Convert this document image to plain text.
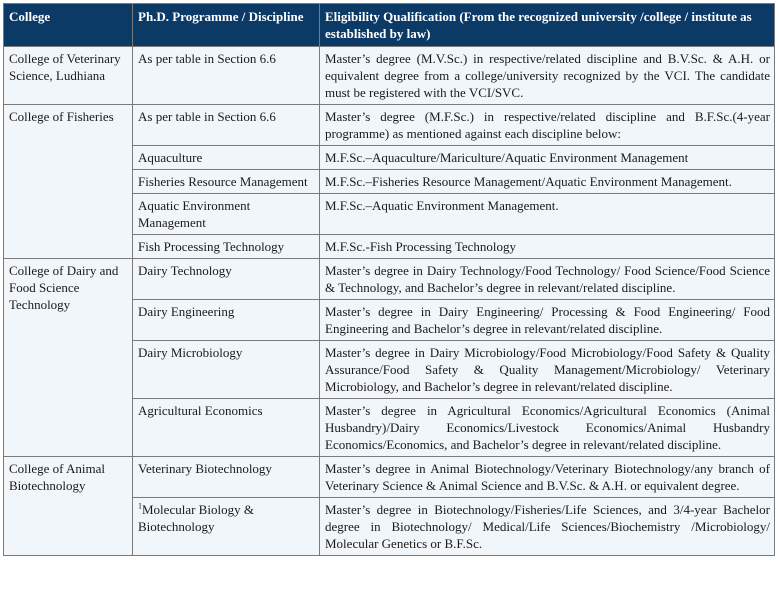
College	Ph.D. Programme / Discipline	Eligibility Qualification (From the recognized university /college / institute as established by law)
College of Veterinary Science, Ludhiana	As per table in Section 6.6	Master’s degree (M.V.Sc.) in respective/related discipline and B.V.Sc. & A.H. or equivalent degree from a college/university recognized by the VCI. The candidate must be registered with the VCI/SVC.
College of Fisheries	As per table in Section 6.6	Master’s degree (M.F.Sc.) in respective/related discipline and B.F.Sc.(4-year programme) as mentioned against each discipline below:
	Aquaculture	M.F.Sc.–Aquaculture/Mariculture/Aquatic Environment Management
	Fisheries Resource Management	M.F.Sc.–Fisheries Resource Management/Aquatic Environment Management.
	Aquatic Environment Management	M.F.Sc.–Aquatic Environment Management.
	Fish Processing Technology	M.F.Sc.-Fish Processing Technology
College of Dairy and Food Science Technology	Dairy Technology	Master’s degree in Dairy Technology/Food Technology/ Food Science/Food Science & Technology, and Bachelor’s degree in relevant/related discipline.
	Dairy Engineering	Master’s degree in Dairy Engineering/ Processing & Food Engineering/ Food Engineering and Bachelor’s degree in relevant/related discipline.
	Dairy Microbiology	Master’s degree in Dairy Microbiology/Food Microbiology/Food Safety & Quality Assurance/Food Safety & Quality Management/Microbiology/ Veterinary Microbiology, and Bachelor’s degree in relevant/related discipline.
	Agricultural Economics	Master’s degree in Agricultural Economics/Agricultural Economics (Animal Husbandry)/Dairy Economics/Livestock Economics/Animal Husbandry Economics/Economics, and Bachelor’s degree in relevant/related discipline.
College of Animal Biotechnology	Veterinary Biotechnology	Master’s degree in Animal Biotechnology/Veterinary Biotechnology/any branch of Veterinary Science & Animal Science and B.V.Sc. & A.H. or equivalent degree.
	$^1$Molecular Biology & Biotechnology	Master’s degree in Biotechnology/Fisheries/Life Sciences, and 3/4-year Bachelor degree in Biotechnology/ Medical/Life Sciences/Biochemistry /Microbiology/ Molecular Genetics or B.F.Sc.
